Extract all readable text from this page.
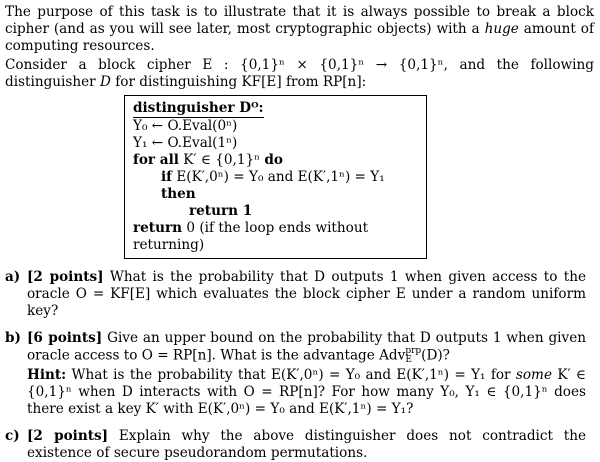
The purpose of this task is to illustrate that it is always possible to break a block cipher (and as you will see later, most cryptographic objects) with a huge amount of computing resources.

Consider a block cipher E : {0,1}ⁿ × {0,1}ⁿ → {0,1}ⁿ, and the following distinguisher D for distinguishing KF[E] from RP[n]:

distinguisher Dᴼ:
Y₀ ← O.Eval(0ⁿ)
Y₁ ← O.Eval(1ⁿ)
for all K′ ∈ {0,1}ⁿ do
if E(K′,0ⁿ) = Y₀ and E(K′,1ⁿ) = Y₁ then
return 1
return 0 (if the loop ends without returning)
a) [2 points] What is the probability that D outputs 1 when given access to the oracle O = KF[E] which evaluates the block cipher E under a random uniform key?
b) [6 points] Give an upper bound on the probability that D outputs 1 when given oracle access to O = RP[n]. What is the advantage Adv prp
E (D)?

Hint: What is the probability that E(K′,0ⁿ) = Y₀ and E(K′,1ⁿ) = Y₁ for some K′ ∈ {0,1}ⁿ when D interacts with O = RP[n]? For how many Y₀, Y₁ ∈ {0,1}ⁿ does there exist a key K′ with E(K′,0ⁿ) = Y₀ and E(K′,1ⁿ) = Y₁?

c) [2 points] Explain why the above distinguisher does not contradict the existence of secure pseudorandom permutations.
